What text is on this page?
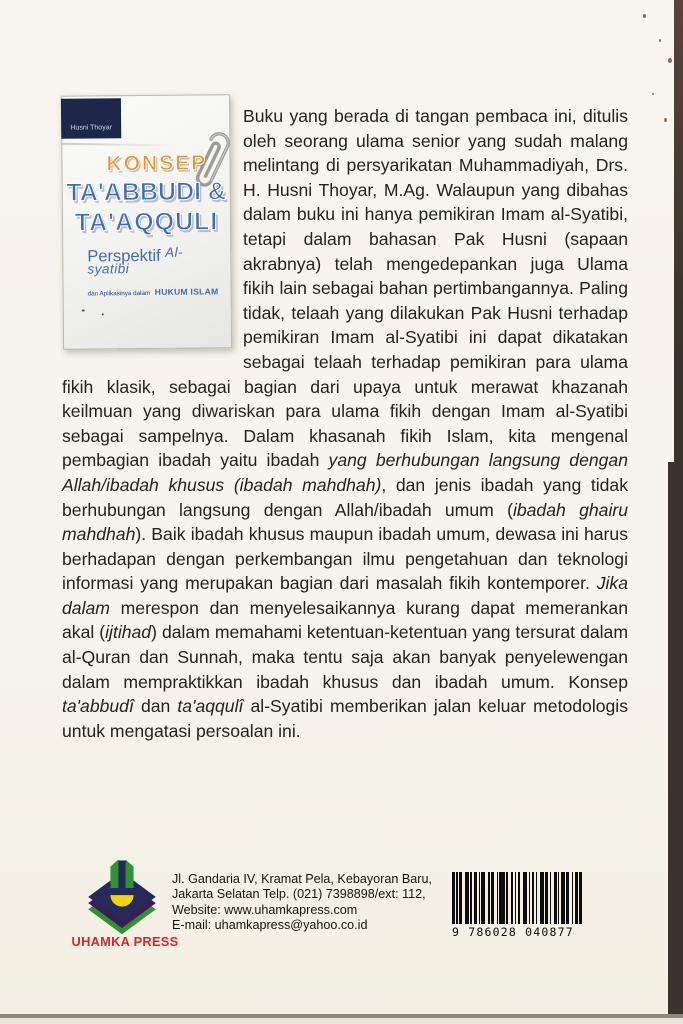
Husni Thoyar
KONSEP
TA'ABBUDI &
TA'AQQULI
Perspektif $^{Al-syatibi}$
dan Aplikasinya dalam HUKUM ISLAM

Buku yang berada di tangan pembaca ini, ditulis oleh seorang ulama senior yang sudah malang melintang di persyarikatan Muhammadiyah, Drs. H. Husni Thoyar, M.Ag. Walaupun yang dibahas dalam buku ini hanya pemikiran Imam al-Syatibi, tetapi dalam bahasan Pak Husni (sapaan akrabnya) telah mengedepankan juga Ulama fikih lain sebagai bahan pertimbangannya. Paling tidak, telaah yang dilakukan Pak Husni terhadap pemikiran Imam al-Syatibi ini dapat dikatakan sebagai telaah terhadap pemikiran para ulama fikih klasik, sebagai bagian dari upaya untuk merawat khazanah keilmuan yang diwariskan para ulama fikih dengan Imam al-Syatibi sebagai sampelnya. Dalam khasanah fikih Islam, kita mengenal pembagian ibadah yaitu ibadah yang berhubungan langsung dengan Allah/ibadah khusus (ibadah mahdhah), dan jenis ibadah yang tidak berhubungan langsung dengan Allah/ibadah umum (ibadah ghairu mahdhah). Baik ibadah khusus maupun ibadah umum, dewasa ini harus berhadapan dengan perkembangan ilmu pengetahuan dan teknologi informasi yang merupakan bagian dari masalah fikih kontemporer. Jika dalam merespon dan menyelesaikannya kurang dapat memerankan akal (ijtihad) dalam memahami ketentuan-ketentuan yang tersurat dalam al-Quran dan Sunnah, maka tentu saja akan banyak penyelewengan dalam mempraktikkan ibadah khusus dan ibadah umum. Konsep ta'abbudî dan ta'aqqulî al-Syatibi memberikan jalan keluar metodologis untuk mengatasi persoalan ini.

UHAMKA PRESS
Jl. Gandaria IV, Kramat Pela, Kebayoran Baru,
Jakarta Selatan Telp. (021) 7398898/ext: 112,
Website: www.uhamkapress.com
E-mail: uhamkapress@yahoo.co.id	9 786028 040877
